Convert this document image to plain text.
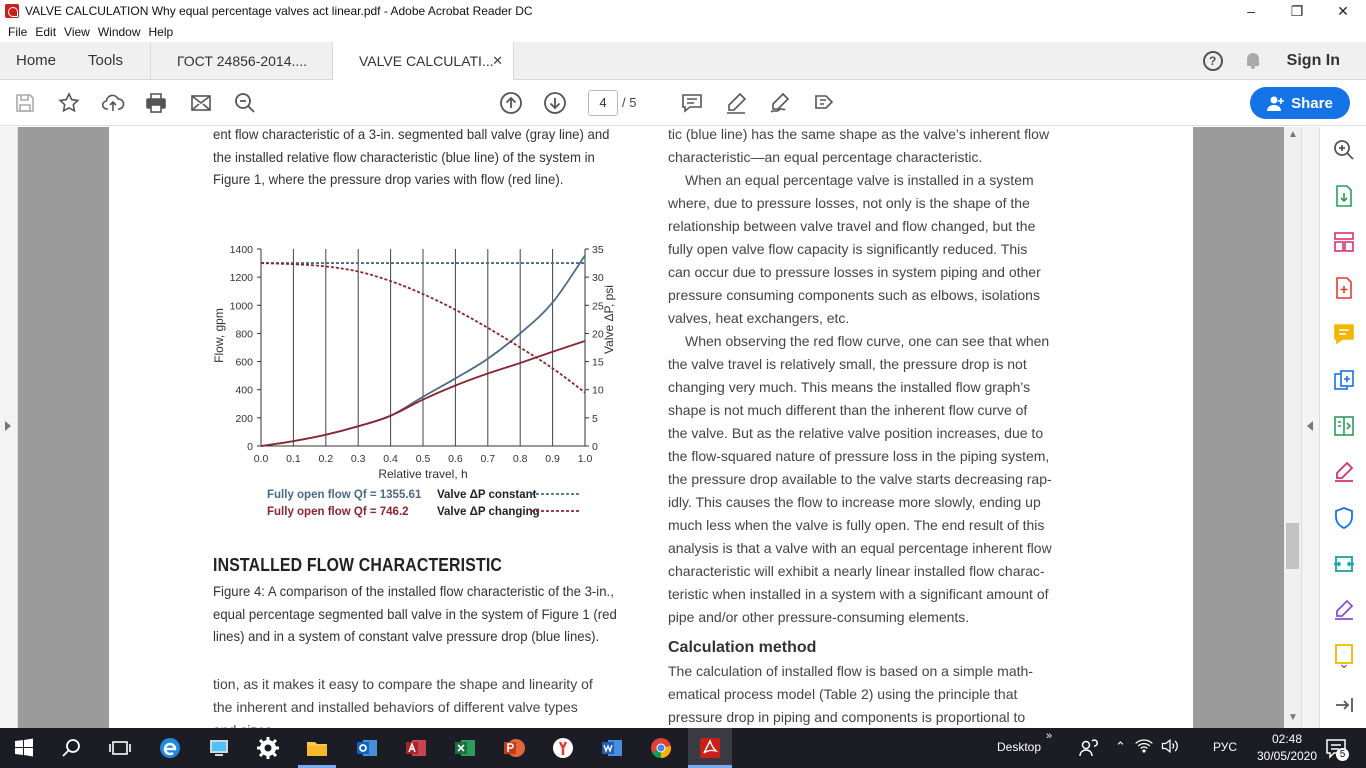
VALVE CALCULATION Why equal percentage valves act linear.pdf - Adobe Acrobat Reader DC	–	❐	✕
File Edit View Window Help
Home Tools	ГОСТ 24856-2014....	VALVE CALCULATI...
✕	?	Sign In
4	/ 5	Share
ent flow characteristic of a 3-in. segmented ball valve (gray line) and
the installed relative flow characteristic (blue line) of the system in
Figure 1, where the pressure drop varies with flow (red line).
0.0 0.1 0.2 0.3 0.4 0.5 0.6 0.7 0.8 0.9 1.0
0
200
400
600
800
1000
1200
1400
0
5
10
15
20
25
30
35
Relative travel, h
Flow, gpm	Valve ΔP, psi
Fully open flow Qf = 1355.61
Fully open flow Qf = 746.2
Valve ΔP constant
Valve ΔP changing
INSTALLED FLOW CHARACTERISTIC
Figure 4: A comparison of the installed flow characteristic of the 3-in.,
equal percentage segmented ball valve in the system of Figure 1 (red
lines) and in a system of constant valve pressure drop (blue lines).
tion, as it makes it easy to compare the shape and linearity of
the inherent and installed behaviors of different valve types
tic (blue line) has the same shape as the valve’s inherent flow
characteristic—an equal percentage characteristic.
When an equal percentage valve is installed in a system
where, due to pressure losses, not only is the shape of the
relationship between valve travel and flow changed, but the
fully open valve flow capacity is significantly reduced. This
can occur due to pressure losses in system piping and other
pressure consuming components such as elbows, isolations
valves, heat exchangers, etc.
When observing the red flow curve, one can see that when
the valve travel is relatively small, the pressure drop is not
changing very much. This means the installed flow graph’s
shape is not much different than the inherent flow curve of
the valve. But as the relative valve position increases, due to
the flow-squared nature of pressure loss in the piping system,
the pressure drop available to the valve starts decreasing rap-
idly. This causes the flow to increase more slowly, ending up
much less when the valve is fully open. The end result of this
analysis is that a valve with an equal percentage inherent flow
characteristic will exhibit a nearly linear installed flow charac-
teristic when installed in a system with a significant amount of
pipe and/or other pressure-consuming elements.
Calculation method
The calculation of installed flow is based on a simple math-
ematical process model (Table 2) using the principle that
pressure drop in piping and components is proportional to
▲
▼
⌄
Desktop
»
⌃	РУС
02:48
30/05/2020	5
